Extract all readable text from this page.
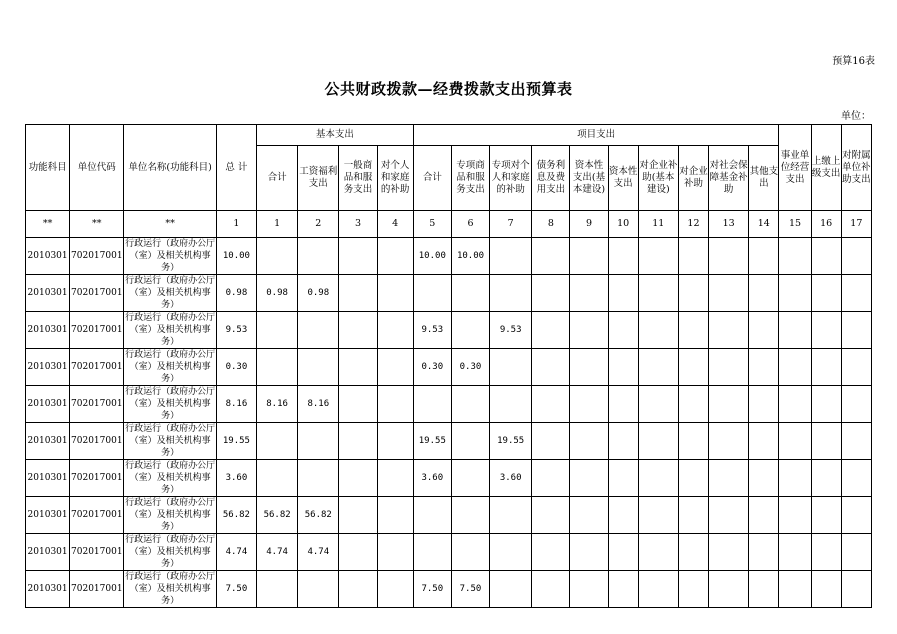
预算16表
公共财政拨款—经费拨款支出预算表
单位：
功能科目	单位代码	单位名称(功能科目)	总 计	基本支出				项目支出										事业单位经营支出	上缴上级支出	对附属单位补助支出
				合计	工资福利支出	一般商品和服务支出	对个人和家庭的补助	合计	专项商品和服务支出	专项对个人和家庭的补助	债务利息及费用支出	资本性支出(基本建设)	资本性支出	对企业补助(基本建设)	对企业补助	对社会保障基金补助	其他支出			
**	**	**	1	1	2	3	4	5	6	7	8	9	10	11	12	13	14	15	16	17
2010301	702017001	行政运行（政府办公厅（室）及相关机构事务）	10.00					10.00	10.00											
2010301	702017001	行政运行（政府办公厅（室）及相关机构事务）	0.98	0.98	0.98															
2010301	702017001	行政运行（政府办公厅（室）及相关机构事务）	9.53					9.53		9.53										
2010301	702017001	行政运行（政府办公厅（室）及相关机构事务）	0.30					0.30	0.30											
2010301	702017001	行政运行（政府办公厅（室）及相关机构事务）	8.16	8.16	8.16															
2010301	702017001	行政运行（政府办公厅（室）及相关机构事务）	19.55					19.55		19.55										
2010301	702017001	行政运行（政府办公厅（室）及相关机构事务）	3.60					3.60		3.60										
2010301	702017001	行政运行（政府办公厅（室）及相关机构事务）	56.82	56.82	56.82															
2010301	702017001	行政运行（政府办公厅（室）及相关机构事务）	4.74	4.74	4.74															
2010301	702017001	行政运行（政府办公厅（室）及相关机构事务）	7.50					7.50	7.50											
